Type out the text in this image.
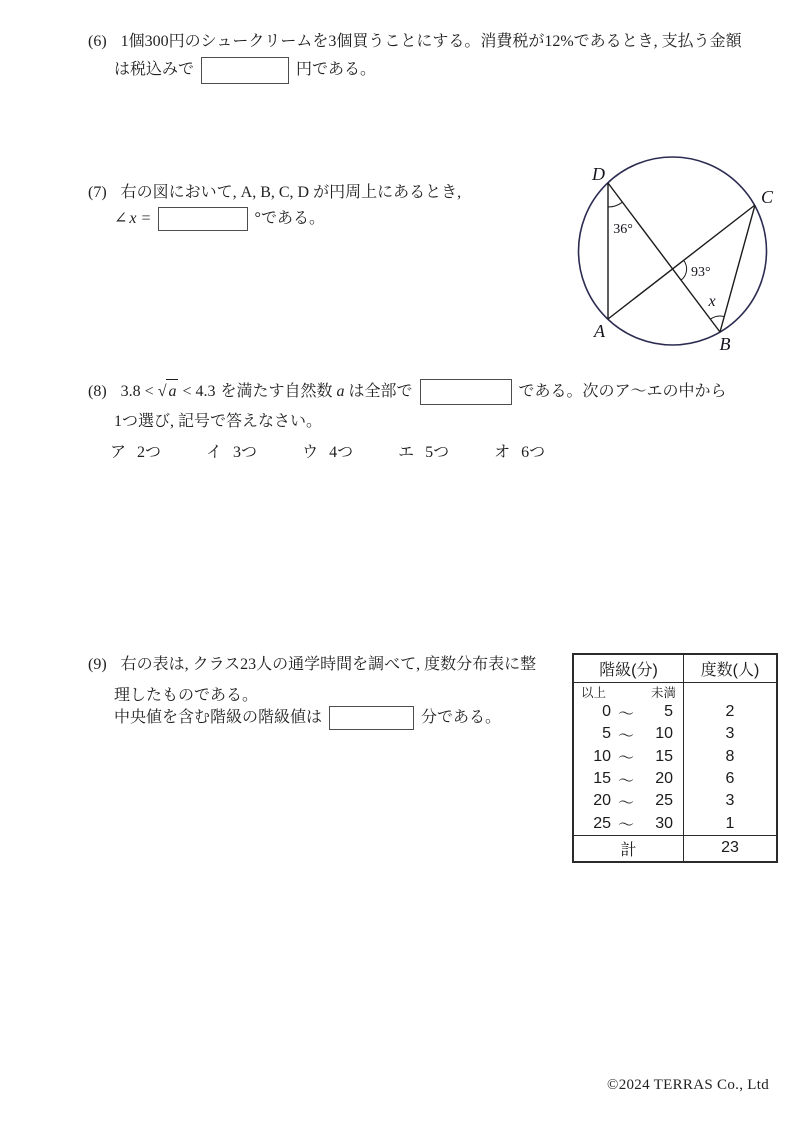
(6) 1個300円のシュークリームを3個買うことにする。消費税が12%であるとき, 支払う金額
は税込みで	円である。
(7) 右の図において, A, B, C, D が円周上にあるとき,
∠ x =	°である。
D
C
A
B
36°
93°
x
(8) 3.8 < √ a < 4.3 を満たす自然数 a は全部で	である。次のア～エの中から
1つ選び, 記号で答えなさい。
ア 2つ	イ 3つ	ウ 4つ	エ 5つ	オ 6つ
(9) 右の表は, クラス23人の通学時間を調べて, 度数分布表に整
理したものである。
中央値を含む階級の階級値は	分である。
階級(分)	度数(人)
以上	未満
0 ～	5	2
5 ～	10	3
10 ～	15	8
15 ～	20	6
20 ～	25	3
25 ～	30	1
計	23
©2024 TERRAS Co., Ltd
